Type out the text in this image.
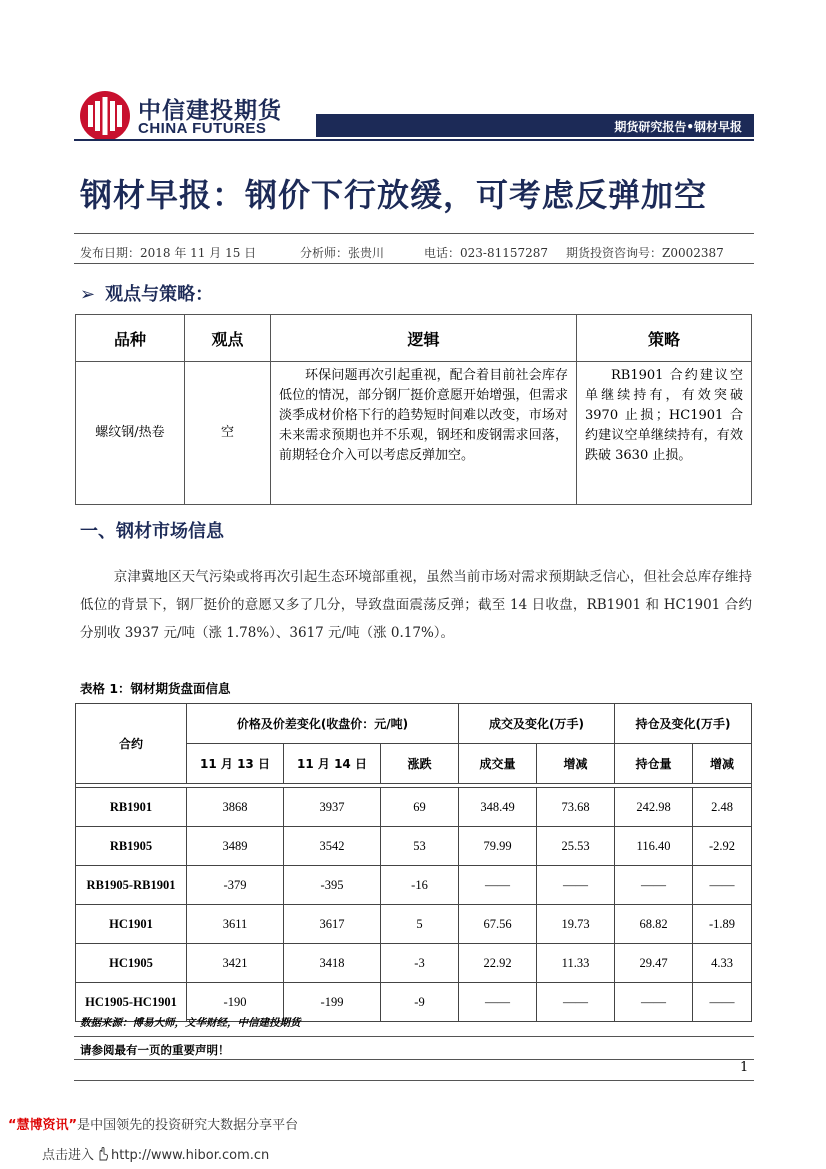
中信建投期货
CHINA FUTURES	期货研究报告•钢材早报
钢材早报：钢价下行放缓，可考虑反弹加空
发布日期：2018 年 11 月 15 日	分析师：张贵川	电话：023-81157287 期货投资咨询号：Z0002387
➢ 观点与策略：
品种	观点	逻辑	策略
螺纹钢/热卷	空	环保问题再次引起重视，配合着目前社会库存低位的情况，部分钢厂挺价意愿开始增强，但需求淡季成材价格下行的趋势短时间难以改变，市场对未来需求预期也并不乐观，钢坯和废钢需求回落，前期轻仓介入可以考虑反弹加空。	RB1901 合约建议空单继续持有，有效突破 3970 止损；HC1901 合约建议空单继续持有，有效跌破 3630 止损。
一、钢材市场信息
京津冀地区天气污染或将再次引起生态环境部重视，虽然当前市场对需求预期缺乏信心，但社会总库存维持低位的背景下，钢厂挺价的意愿又多了几分，导致盘面震荡反弹；截至 14 日收盘，RB1901 和 HC1901 合约分别收 3937 元/吨（涨 1.78%）、3617 元/吨（涨 0.17%）。
表格 1：钢材期货盘面信息
合约	价格及价差变化(收盘价：元/吨)			成交及变化(万手)		持仓及变化(万手)	
	11 月 13 日	11 月 14 日	涨跌	成交量	增减	持仓量	增减

RB1901	3868	3937	69	348.49	73.68	242.98	2.48
RB1905	3489	3542	53	79.99	25.53	116.40	-2.92
RB1905-RB1901	-379	-395	-16	——	——	——	——
HC1901	3611	3617	5	67.56	19.73	68.82	-1.89
HC1905	3421	3418	-3	22.92	11.33	29.47	4.33
HC1905-HC1901	-190	-199	-9	——	——	——	——
数据来源：博易大师，文华财经，中信建投期货
请参阅最有一页的重要声明！
1
“慧博资讯”是中国领先的投资研究大数据分享平台
点击进入 http://www.hibor.com.cn
